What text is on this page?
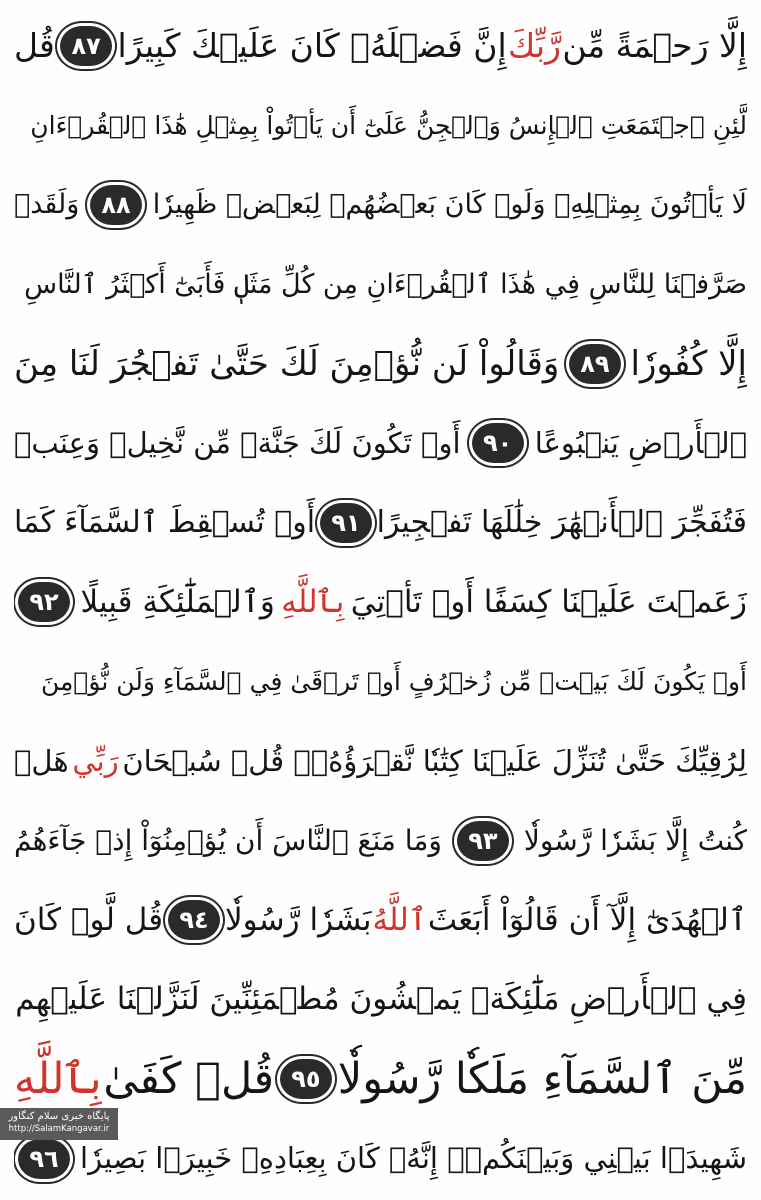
إِلَّا رَحۡمَةً مِّن
رَّبِّكَ
إِنَّ فَضۡلَهُۥ كَانَ عَلَيۡكَ كَبِيرًا
٨٧
قُل
لَّئِنِ ٱجۡتَمَعَتِ ٱلۡإِنسُ وَٱلۡجِنُّ عَلَىٰٓ أَن يَأۡتُواْ بِمِثۡلِ هَٰذَا ٱلۡقُرۡءَانِ
لَا يَأۡتُونَ بِمِثۡلِهِۦ وَلَوۡ كَانَ بَعۡضُهُمۡ لِبَعۡضٖ ظَهِيرٗا
٨٨
وَلَقَدۡ
صَرَّفۡنَا لِلنَّاسِ فِي هَٰذَا ٱلۡقُرۡءَانِ مِن كُلِّ مَثَلٖ فَأَبَىٰٓ أَكۡثَرُ ٱلنَّاسِ
إِلَّا كُفُورٗا
٨٩
وَقَالُواْ لَن نُّؤۡمِنَ لَكَ حَتَّىٰ تَفۡجُرَ لَنَا مِنَ
ٱلۡأَرۡضِ يَنۢبُوعًا
٩٠
أَوۡ تَكُونَ لَكَ جَنَّةٞ مِّن نَّخِيلٖ وَعِنَبٖ
فَتُفَجِّرَ ٱلۡأَنۡهَٰرَ خِلَٰلَهَا تَفۡجِيرًا
٩١
أَوۡ تُسۡقِطَ ٱلسَّمَآءَ كَمَا
زَعَمۡتَ عَلَيۡنَا كِسَفًا أَوۡ تَأۡتِيَ
بِٱللَّهِ
وَٱلۡمَلَٰٓئِكَةِ قَبِيلًا
٩٢
أَوۡ يَكُونَ لَكَ بَيۡتٞ مِّن زُخۡرُفٍ أَوۡ تَرۡقَىٰ فِي ٱلسَّمَآءِ وَلَن نُّؤۡمِنَ
لِرُقِيِّكَ حَتَّىٰ تُنَزِّلَ عَلَيۡنَا كِتَٰبٗا نَّقۡرَؤُهُۥۗ قُلۡ سُبۡحَانَ
رَبِّي
هَلۡ
كُنتُ إِلَّا بَشَرٗا رَّسُولٗا
٩٣
وَمَا مَنَعَ ٱلنَّاسَ أَن يُؤۡمِنُوٓاْ إِذۡ جَآءَهُمُ
ٱلۡهُدَىٰٓ إِلَّآ أَن قَالُوٓاْ أَبَعَثَ
ٱللَّهُ
بَشَرٗا رَّسُولٗا
٩٤
قُل لَّوۡ كَانَ
فِي ٱلۡأَرۡضِ مَلَٰٓئِكَةٞ يَمۡشُونَ مُطۡمَئِنِّينَ لَنَزَّلۡنَا عَلَيۡهِم
مِّنَ ٱلسَّمَآءِ مَلَكٗا رَّسُولٗا
٩٥
قُلۡ كَفَىٰ
بِٱللَّهِ
شَهِيدَۢا بَيۡنِي وَبَيۡنَكُمۡۚ إِنَّهُۥ كَانَ بِعِبَادِهِۦ خَبِيرَۢا بَصِيرٗا
٩٦
پایگاه خبری سلام کنگاور
http://SalamKangavar.ir
